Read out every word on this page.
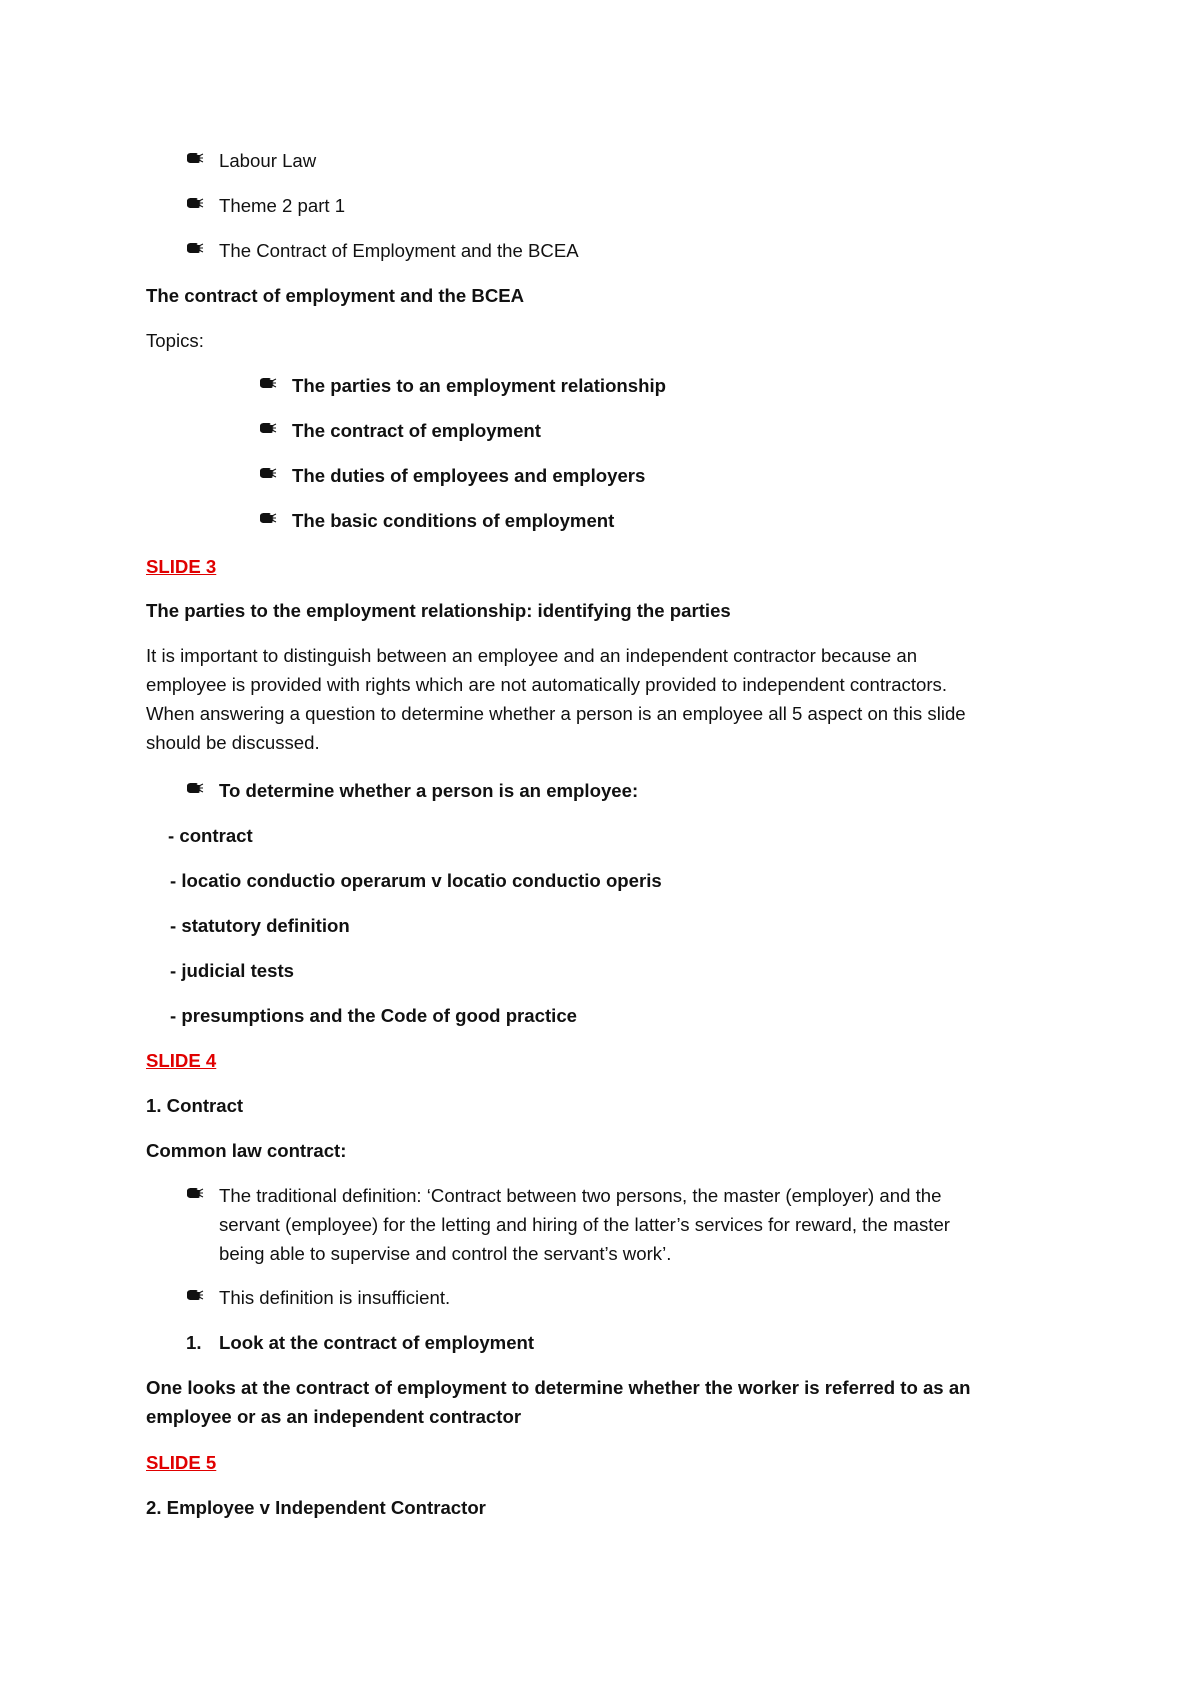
Labour Law
Theme 2 part 1
The Contract of Employment and the BCEA
The contract of employment and the BCEA
Topics:
The parties to an employment relationship
The contract of employment
The duties of employees and employers
The basic conditions of employment
SLIDE 3
The parties to the employment relationship: identifying the parties
It is important to distinguish between an employee and an independent contractor because an
employee is provided with rights which are not automatically provided to independent contractors.
When answering a question to determine whether a person is an employee all 5 aspect on this slide
should be discussed.
To determine whether a person is an employee:
- contract
- locatio conductio operarum v locatio conductio operis
- statutory definition
- judicial tests
- presumptions and the Code of good practice
SLIDE 4
1. Contract
Common law contract:
The traditional definition: ‘Contract between two persons, the master (employer) and the
servant (employee) for the letting and hiring of the latter’s services for reward, the master
being able to supervise and control the servant’s work’.
This definition is insufficient.
1. Look at the contract of employment
One looks at the contract of employment to determine whether the worker is referred to as an
employee or as an independent contractor
SLIDE 5
2. Employee v Independent Contractor
